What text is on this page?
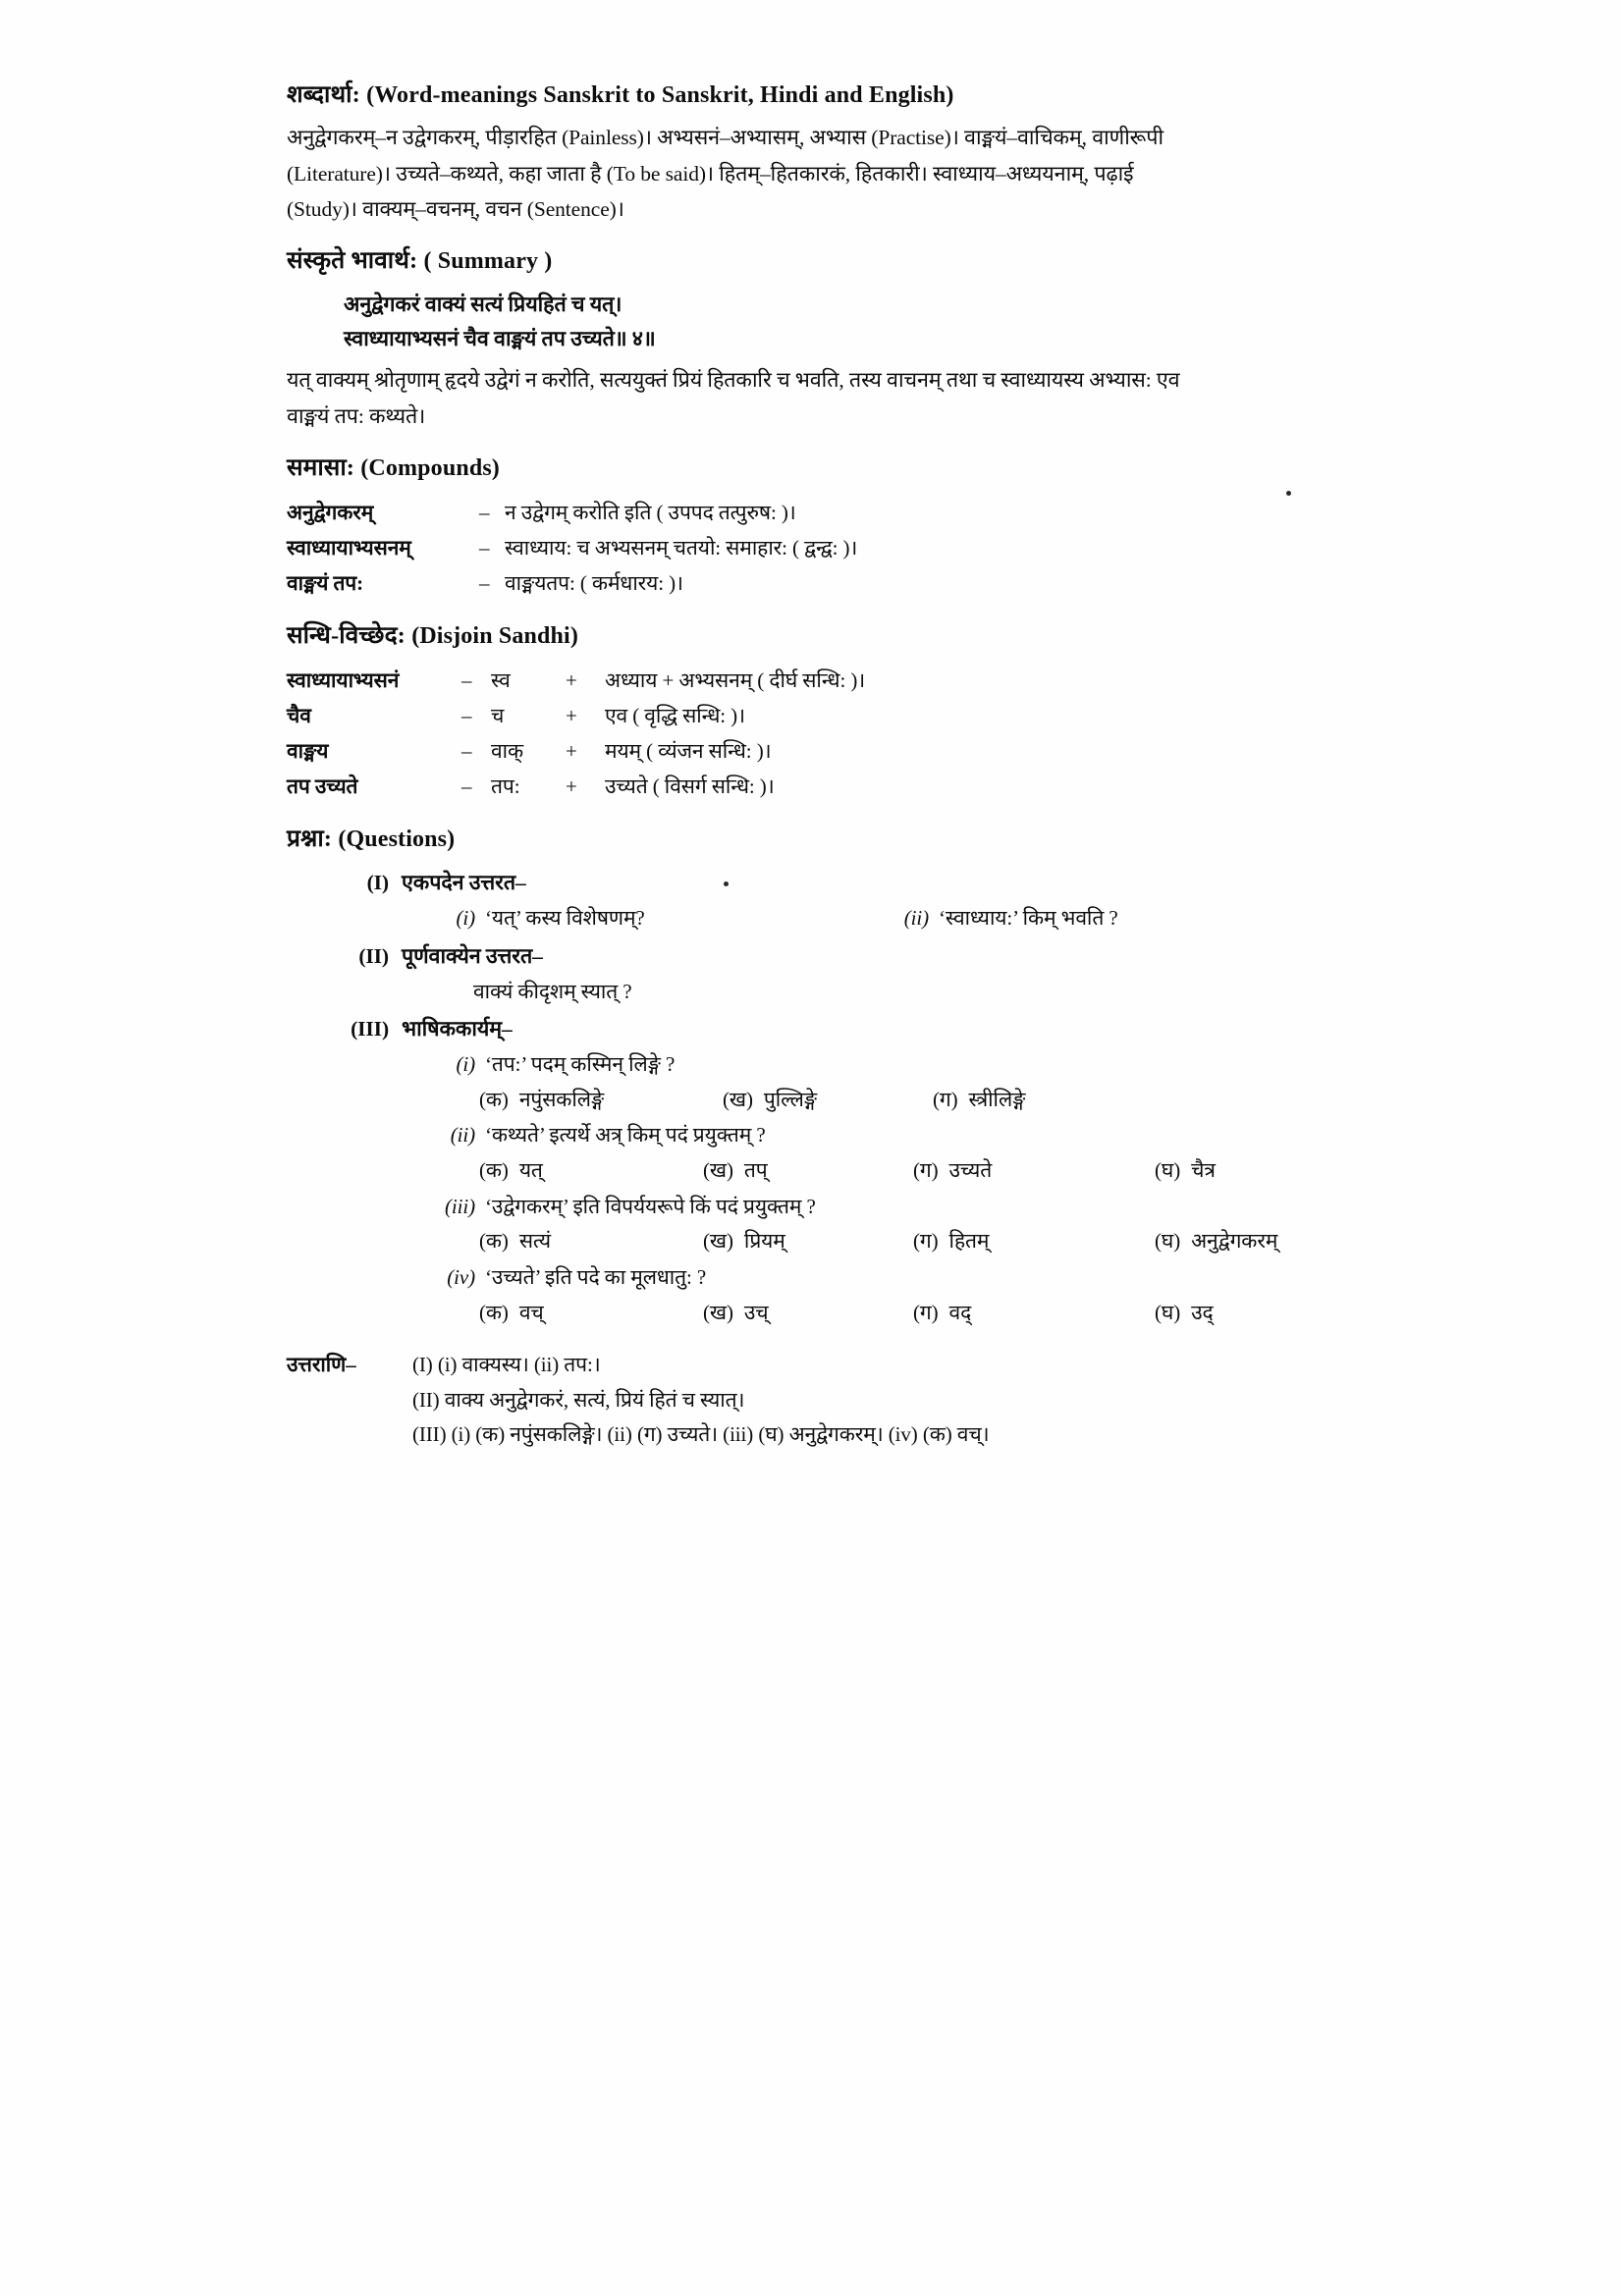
शब्दार्था: (Word-meanings Sanskrit to Sanskrit, Hindi and English)
अनुद्वेगकरम्–न उद्वेगकरम्, पीड़ारहित (Painless)। अभ्यसनं–अभ्यासम्, अभ्यास (Practise)। वाङ्मयं–वाचिकम्, वाणीरूपी
(Literature)। उच्यते–कथ्यते, कहा जाता है (To be said)। हितम्–हितकारकं, हितकारी। स्वाध्याय–अध्ययनाम्, पढ़ाई
(Study)। वाक्यम्–वचनम्, वचन (Sentence)।
संस्कृते भावार्थ: ( Summary )
अनुद्वेगकरं वाक्यं सत्यं प्रियहितं च यत्।
स्वाध्यायाभ्यसनं चैव वाङ्मयं तप उच्यते॥ ४॥
यत् वाक्यम् श्रोतृणाम् हृदये उद्वेगं न करोति, सत्ययुक्तं प्रियं हितकारि च भवति, तस्य वाचनम् तथा च स्वाध्यायस्य अभ्यास: एव
वाङ्मयं तप: कथ्यते।
समासा: (Compounds)
अनुद्वेगकरम्	– न उद्वेगम् करोति इति ( उपपद तत्पुरुष: )।
स्वाध्यायाभ्यसनम्	– स्वाध्याय: च अभ्यसनम् चतयो: समाहार: ( द्वन्द्व: )।
वाङ्मयं तप:	– वाङ्मयतप: ( कर्मधारय: )।
सन्धि-विच्छेद: (Disjoin Sandhi)
स्वाध्यायाभ्यसनं	– स्व	+	अध्याय + अभ्यसनम् ( दीर्घ सन्धि: )।
चैव	– च	+	एव ( वृद्धि सन्धि: )।
वाङ्मय	– वाक्	+	मयम् ( व्यंजन सन्धि: )।
तप उच्यते	– तप:	+	उच्यते ( विसर्ग सन्धि: )।
प्रश्ना: (Questions)
(I) एकपदेन उत्तरत–
(i) ‘यत्’ कस्य विशेषणम्?	(ii) ‘स्वाध्याय:’ किम् भवति ?
(II) पूर्णवाक्येन उत्तरत–
वाक्यं कीदृशम् स्यात् ?
(III) भाषिककार्यम्–
(i) ‘तप:’ पदम् कस्मिन् लिङ्गे ?
(क) नपुंसकलिङ्गे	(ख) पुल्लिङ्गे	(ग) स्त्रीलिङ्गे
(ii) ‘कथ्यते’ इत्यर्थे अत्र् किम् पदं प्रयुक्तम् ?
(क) यत्	(ख) तप्	(ग) उच्यते	(घ) चैत्र
(iii) ‘उद्वेगकरम्’ इति विपर्ययरूपे किं पदं प्रयुक्तम् ?
(क) सत्यं	(ख) प्रियम्	(ग) हितम्	(घ) अनुद्वेगकरम्
(iv) ‘उच्यते’ इति पदे का मूलधातु: ?
(क) वच्	(ख) उच्	(ग) वद्	(घ) उद्
उत्तराणि–	(I) (i) वाक्यस्य। (ii) तप:।
(II) वाक्य अनुद्वेगकरं, सत्यं, प्रियं हितं च स्यात्।
(III) (i) (क) नपुंसकलिङ्गे। (ii) (ग) उच्यते। (iii) (घ) अनुद्वेगकरम्। (iv) (क) वच्।
